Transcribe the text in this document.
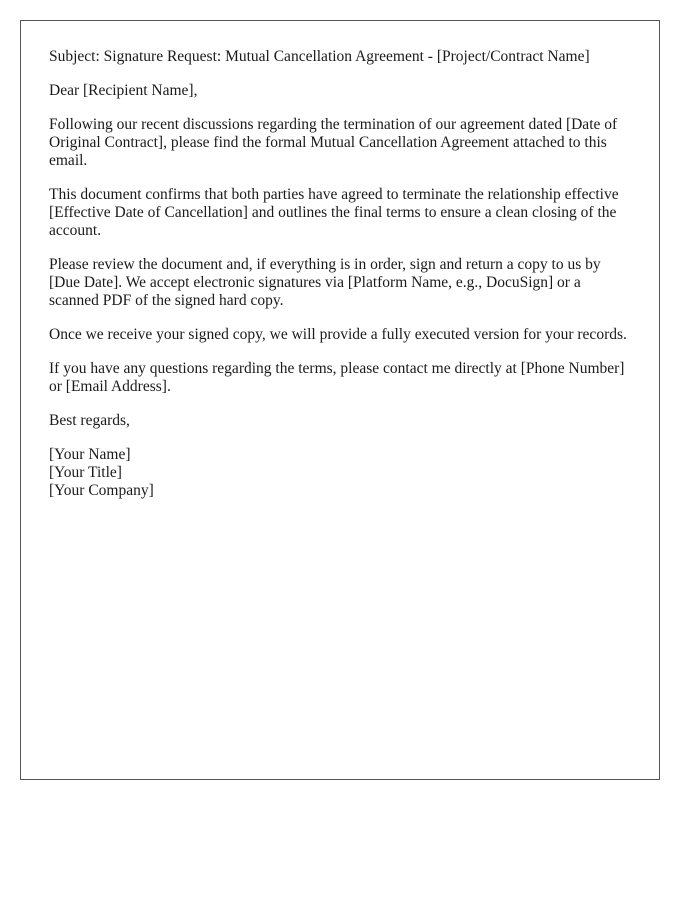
Subject: Signature Request: Mutual Cancellation Agreement - [Project/Contract Name]

Dear [Recipient Name],

Following our recent discussions regarding the termination of our agreement dated [Date of Original Contract], please find the formal Mutual Cancellation Agreement attached to this email.

This document confirms that both parties have agreed to terminate the relationship effective [Effective Date of Cancellation] and outlines the final terms to ensure a clean closing of the account.

Please review the document and, if everything is in order, sign and return a copy to us by [Due Date]. We accept electronic signatures via [Platform Name, e.g., DocuSign] or a scanned PDF of the signed hard copy.

Once we receive your signed copy, we will provide a fully executed version for your records.

If you have any questions regarding the terms, please contact me directly at [Phone Number] or [Email Address].

Best regards,

[Your Name]
[Your Title]
[Your Company]
